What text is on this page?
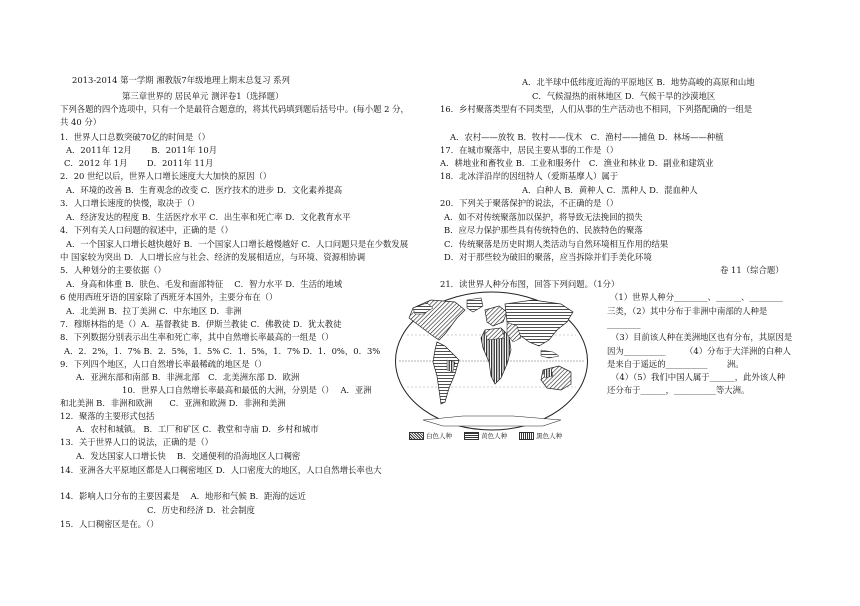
2013-2014 第一学期 湘教版7年级地理上期末总复习 系列
第三章世界的 居民单元 测评卷1（选择题）
下列各题的四个选项中，只有一个是最符合题意的，将其代码填到题后括号中。(每小题 2 分，
共 40 分）
1．世界人口总数突破70亿的时间是（）
A．2011年 12月　　 B．2011年 10月
C．2012 年 1月　　 D．2011年 11月
2．20 世纪以后，世界人口增长速度大大加快的原因（）
A．环境的改善 B．生育观念的改变 C．医疗技术的进步 D．文化素养提高
3．人口增长速度的快慢，取决于（）
A．经济发达的程度 B．生活医疗水平 C．出生率和死亡率 D．文化教育水平
4．下列有关人口问题的叙述中，正确的是（）
A．一个国家人口增长越快越好 B．一个国家人口增长越慢越好 C．人口问题只是在少数发展
中 国家较为突出 D．人口增长应与社会、经济的发展相适应，与环境、资源相协调
5．人种划分的主要依据（）
A．身高和体重 B．肤色、毛发和面部特征　 C．智力水平 D．生活的地域
6 使用西班牙语的国家除了西班牙本国外，主要分布在（）
A．北美洲 B．拉丁美洲 C．中东地区 D．非洲
7．穆斯林指的是（）A．基督教徒 B．伊斯兰教徒 C．佛教徒 D．犹太教徒
8．下列数据分别表示出生率和死亡率，其中自然增长率最高的一组是（）
A．2．2%，1．7% B．2．5%，1．5% C．1．5%，1．7% D．1．0%，0．3%
9．下列四个地区，人口自然增长率最稀疏的地区是（）
A．亚洲东部和南部 B．非洲北部　C．北美洲东部 D．欧洲
10．世界人口自然增长率最高和最低的大洲，分别是（）　 A．亚洲
和北美洲 B．非洲和欧洲　　C．亚洲和欧洲 D．非洲和美洲
12．聚落的主要形式包括
A．农村和城镇。 B．工厂和矿区 C．教堂和寺庙 D．乡村和城市
13．关于世界人口的说法，正确的是（）
A．发达国家人口增长快　 B．交通便利的沿海地区人口稠密
14．亚洲各大平原地区都是人口稠密地区 D．人口密度大的地区，人口自然增长率也大
14．影响人口分布的主要因素是　 A．地形和气候 B．距海的远近
C．历史和经济 D．社会制度
15．人口稠密区是在。（）
A．北半球中低纬度近海的平原地区 B．地势高峻的高原和山地
C．气候湿热的雨林地区 D．气候干旱的沙漠地区
16．乡村聚落类型有不同类型，人们从事的生产活动也不相同，下列搭配确的一组是
A．农村——放牧 B．牧村——伐木　C．渔村——捕鱼 D．林场——种植
17．在城市聚落中，居民主要从事的工作是（）
A．耕地业和畜牧业 B．工业和服务什　C．渔业和林业 D．副业和建筑业
18．北冰洋沿岸的因纽特人（爱斯基摩人）属于
A．白种人 B．黄种人 C．黑种人 D．混血种人
20．下列关于聚落保护的说法，不正确的是（）
A．如不对传统聚落加以保护，将导致无法挽回的损失
B．应尽力保护那些具有传统特色的、民族特色的聚落
C．传统聚落是历史时期人类活动与自然环境相互作用的结果
D．对于那些较为破旧的聚落，应当拆除并们手美化环境
卷 11（综合题）
21．读世界人种分布图，回答下列问题。（1分）
（1）世界人种分________、______、________
三类，（2）其中分布于非洲中南部的人种是
________
（3）目前该人种在美洲地区也有分布，其原因是
因为__________　　 （4）分布于大洋洲的白种人
是来自于遥远的__________　　 洲。
（4）（5）我们中国人属于______，此外该人种
还分布于______，__________等大洲。
白色人种	黄色人种	黑色人种
